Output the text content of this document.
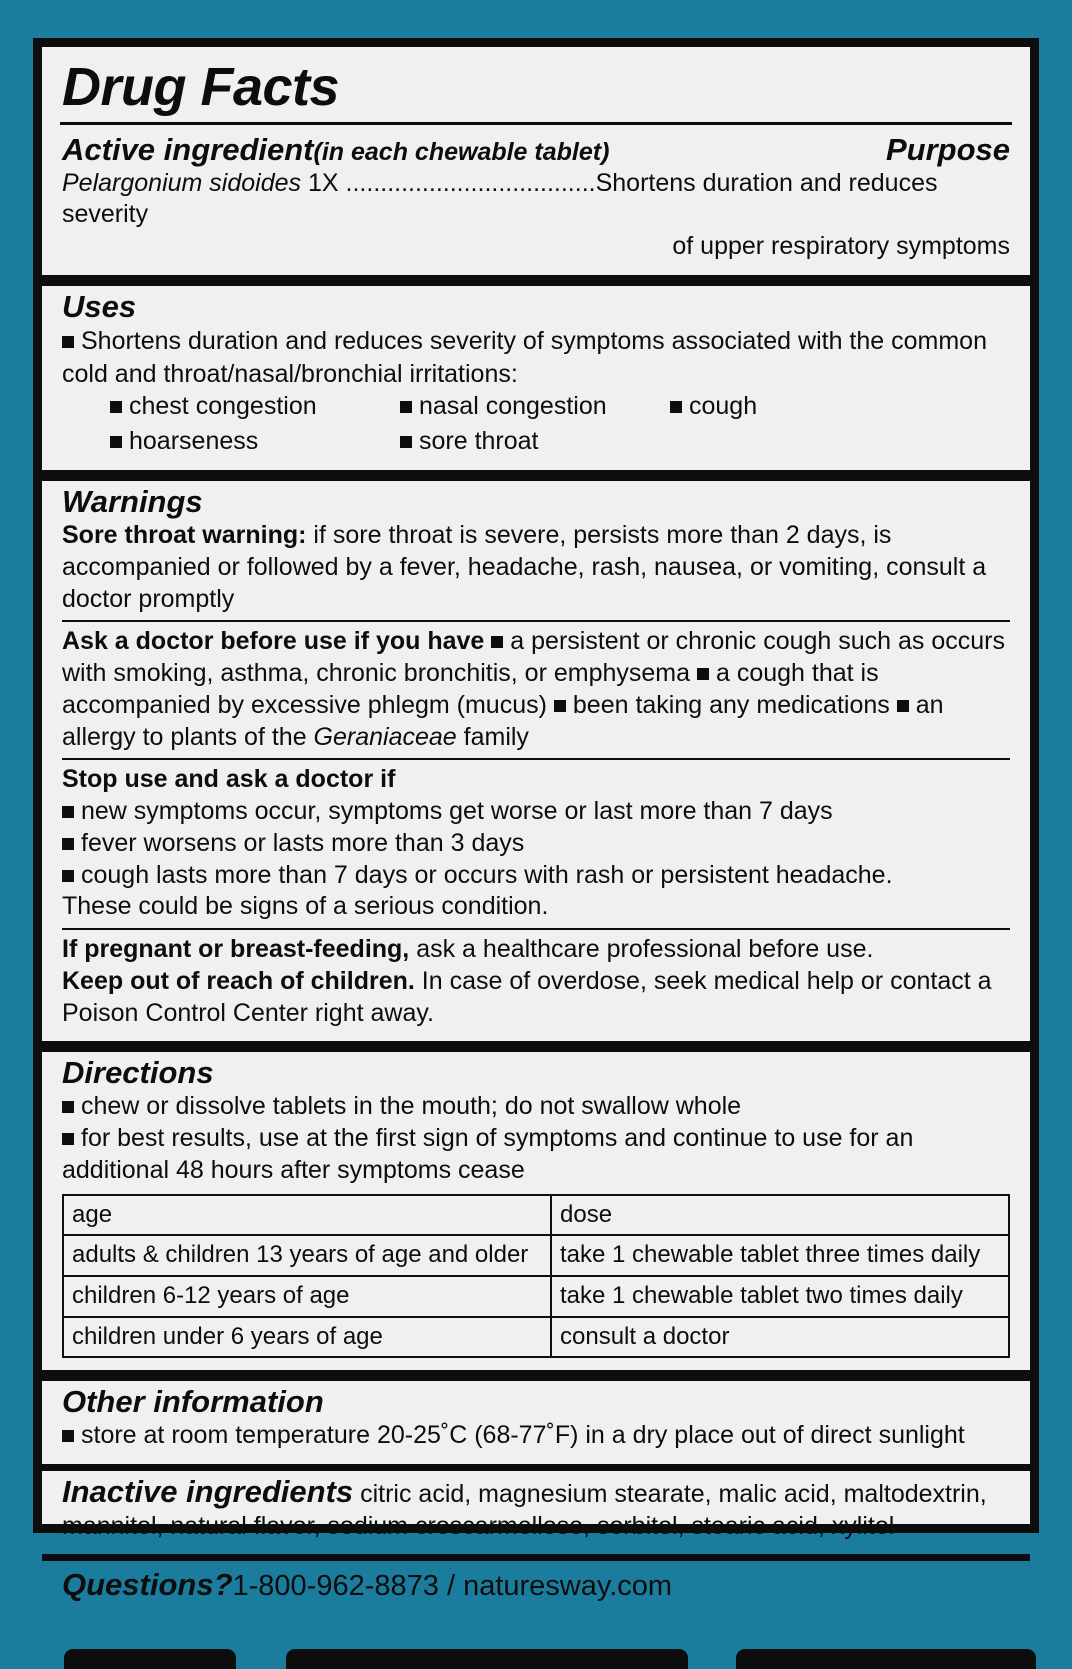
Drug Facts
Active ingredient(in each chewable tablet)	Purpose
Pelargonium sidoides 1X ....................................Shortens duration and reduces severity
of upper respiratory symptoms
Uses
Shortens duration and reduces severity of symptoms associated with the common
cold and throat/nasal/bronchial irritations:
chest congestion	nasal congestion	cough
hoarseness	sore throat
Warnings
Sore throat warning: if sore throat is severe, persists more than 2 days, is accompanied or followed by a fever, headache, rash, nausea, or vomiting, consult a doctor promptly
Ask a doctor before use if you have a persistent or chronic cough such as occurs with smoking, asthma, chronic bronchitis, or emphysema a cough that is accompanied by excessive phlegm (mucus) been taking any medications an allergy to plants of the Geraniaceae family
Stop use and ask a doctor if
new symptoms occur, symptoms get worse or last more than 7 days
fever worsens or lasts more than 3 days
cough lasts more than 7 days or occurs with rash or persistent headache.
These could be signs of a serious condition.
If pregnant or breast-feeding, ask a healthcare professional before use.
Keep out of reach of children. In case of overdose, seek medical help or contact a Poison Control Center right away.
Directions
chew or dissolve tablets in the mouth; do not swallow whole
for best results, use at the first sign of symptoms and continue to use for an additional 48 hours after symptoms cease
age	dose
adults & children 13 years of age and older	take 1 chewable tablet three times daily
children 6-12 years of age	take 1 chewable tablet two times daily
children under 6 years of age	consult a doctor
Other information
store at room temperature 20-25˚C (68-77˚F) in a dry place out of direct sunlight
Inactive ingredients citric acid, magnesium stearate, malic acid, maltodextrin,
mannitol, natural flavor, sodium croscarmellose, sorbitol, stearic acid, xylitol
Questions?1-800-962-8873 / naturesway.com
